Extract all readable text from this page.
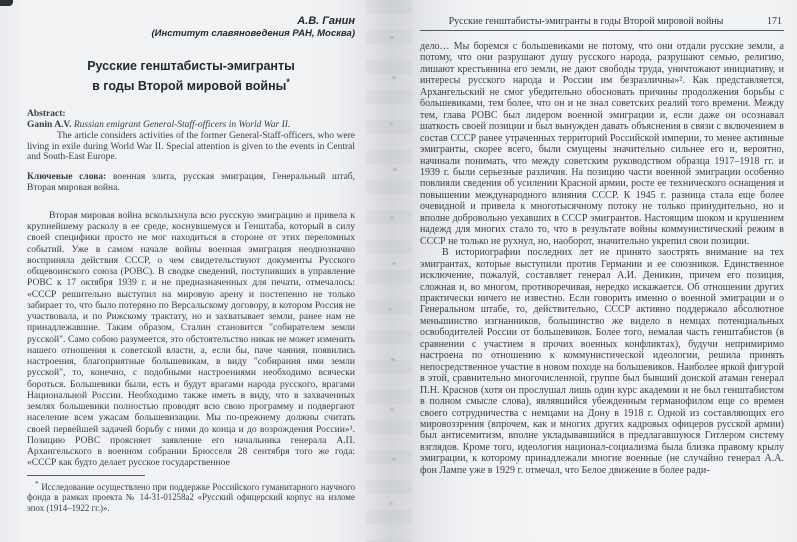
А.В. Ганин
(Институт славяноведения РАН, Москва)
Русские генштабисты-эмигранты
в годы Второй мировой войны*
Abstract:
Ganin A.V. Russian emigrant General-Staff-officers in World War II.

The article considers activities of the former General-Staff-officers, who were living in exile during World War II. Special attention is given to the events in Central and South-East Europe.

Ключевые слова: военная элита, русская эмиграция, Генеральный штаб, Вторая мировая война.

Вторая мировая война всколыхнула всю русскую эмиграцию и привела к крупнейшему расколу в ее среде, коснувшемуся и Генштаба, который в силу своей специфики просто не мог находиться в стороне от этих переломных событий. Уже в самом начале войны военная эмиграция неоднозначно восприняла действия СССР, о чем свидетельствуют документы Русского общевоинского союза (РОВС). В сводке сведений, поступивших в управление РОВС к 17 октября 1939 г. и не предназначенных для печати, отмечалось: «СССР решительно выступил на мировую арену и постепенно не только забирает то, что было потеряно по Версальскому договору, в котором Россия не участвовала, и по Рижскому трактату, но и захватывает земли, ранее нам не принадлежавшие. Таким образом, Сталин становится "собирателем земли русской". Само собою разумеется, это обстоятельство никак не может изменить нашего отношения к советской власти, а, если бы, паче чаяния, появились настроения, благоприятные большевикам, в виду "собирания ими земли русской", то, конечно, с подобными настроениями необходимо всячески бороться. Большевики были, есть и будут врагами народа русского, врагами Национальной России. Необходимо также иметь в виду, что в захваченных землях большевики полностью проводят всю свою программу и подвергают население всем ужасам большевизации. Мы по-прежнему должны считать своей первейшей задачей борьбу с ними до конца и до возрождения России»¹. Позицию РОВС проясняет заявление его начальника генерала А.П. Архангельского в военном собрании Брюсселя 28 сентября того же года: «СССР как будто делает русское государственное

* Исследование осуществлено при поддержке Российского гуманитарного научного фонда в рамках проекта № 14-31-01258а2 «Русский офицерский корпус на изломе эпох (1914–1922 гг.)».

Русские генштабисты-эмигранты в годы Второй мировой войны	171

дело… Мы боремся с большевиками не потому, что они отдали русские земли, а потому, что они разрушают душу русского народа, разрушают семью, религию, лишают крестьянина его земли, не дают свободы труда, уничтожают инициативу, и интересы русского народа и России им безразличны»². Как представляется, Архангельский не смог убедительно обосновать причины продолжения борьбы с большевиками, тем более, что он и не знал советских реалий того времени. Между тем, глава РОВС был лидером военной эмиграции и, если даже он осознавал шаткость своей позиции и был вынужден давать объяснения в связи с включением в состав СССР ранее утраченных территорий Российской империи, то менее активные эмигранты, скорее всего, были смущены значительно сильнее его и, вероятно, начинали понимать, что между советским руководством образца 1917–1918 гг. и 1939 г. были серьезные различия. На позицию части военной эмиграции особенно повлияли сведения об усилении Красной армии, росте ее технического оснащения и повышении международного влияния СССР. К 1945 г. разница стала еще более очевидной и привела к многотысячному потоку не только принудительно, но и вполне добровольно уехавших в СССР эмигрантов. Настоящим шоком и крушением надежд для многих стало то, что в результате войны коммунистический режим в СССР не только не рухнул, но, наоборот, значительно укрепил свои позиции.

В историографии последних лет не принято заострять внимание на тех эмигрантах, которые выступили против Германии и ее союзников. Единственное исключение, пожалуй, составляет генерал А.И. Деникин, причем его позиция, сложная и, во многом, противоречивая, нередко искажается. Об отношении других практически ничего не известно. Если говорить именно о военной эмиграции и о Генеральном штабе, то, действительно, СССР активно поддержало абсолютное меньшинство изгнанников, большинство же видело в немцах потенциальных освободителей России от большевиков. Более того, немалая часть генштабистов (в сравнении с участием в прочих военных конфликтах), будучи непримиримо настроена по отношению к коммунистической идеологии, решила принять непосредственное участие в новом походе на большевиков. Наиболее яркой фигурой в этой, сравнительно многочисленной, группе был бывший донской атаман генерал П.Н. Краснов (хотя он прослушал лишь один курс академии и не был генштабистом в полном смысле слова), являвшийся убежденным германофилом еще со времен своего сотрудничества с немцами на Дону в 1918 г. Одной из составляющих его мировоззрения (впрочем, как и многих других кадровых офицеров русской армии) был антисемитизм, вполне укладывавшийся в предлагавшуюся Гитлером систему взглядов. Кроме того, идеология национал-социализма была близка правому крылу эмиграции, к которому принадлежали многие военные (не случайно генерал А.А. фон Лампе уже в 1929 г. отмечал, что Белое движение в более ради-
